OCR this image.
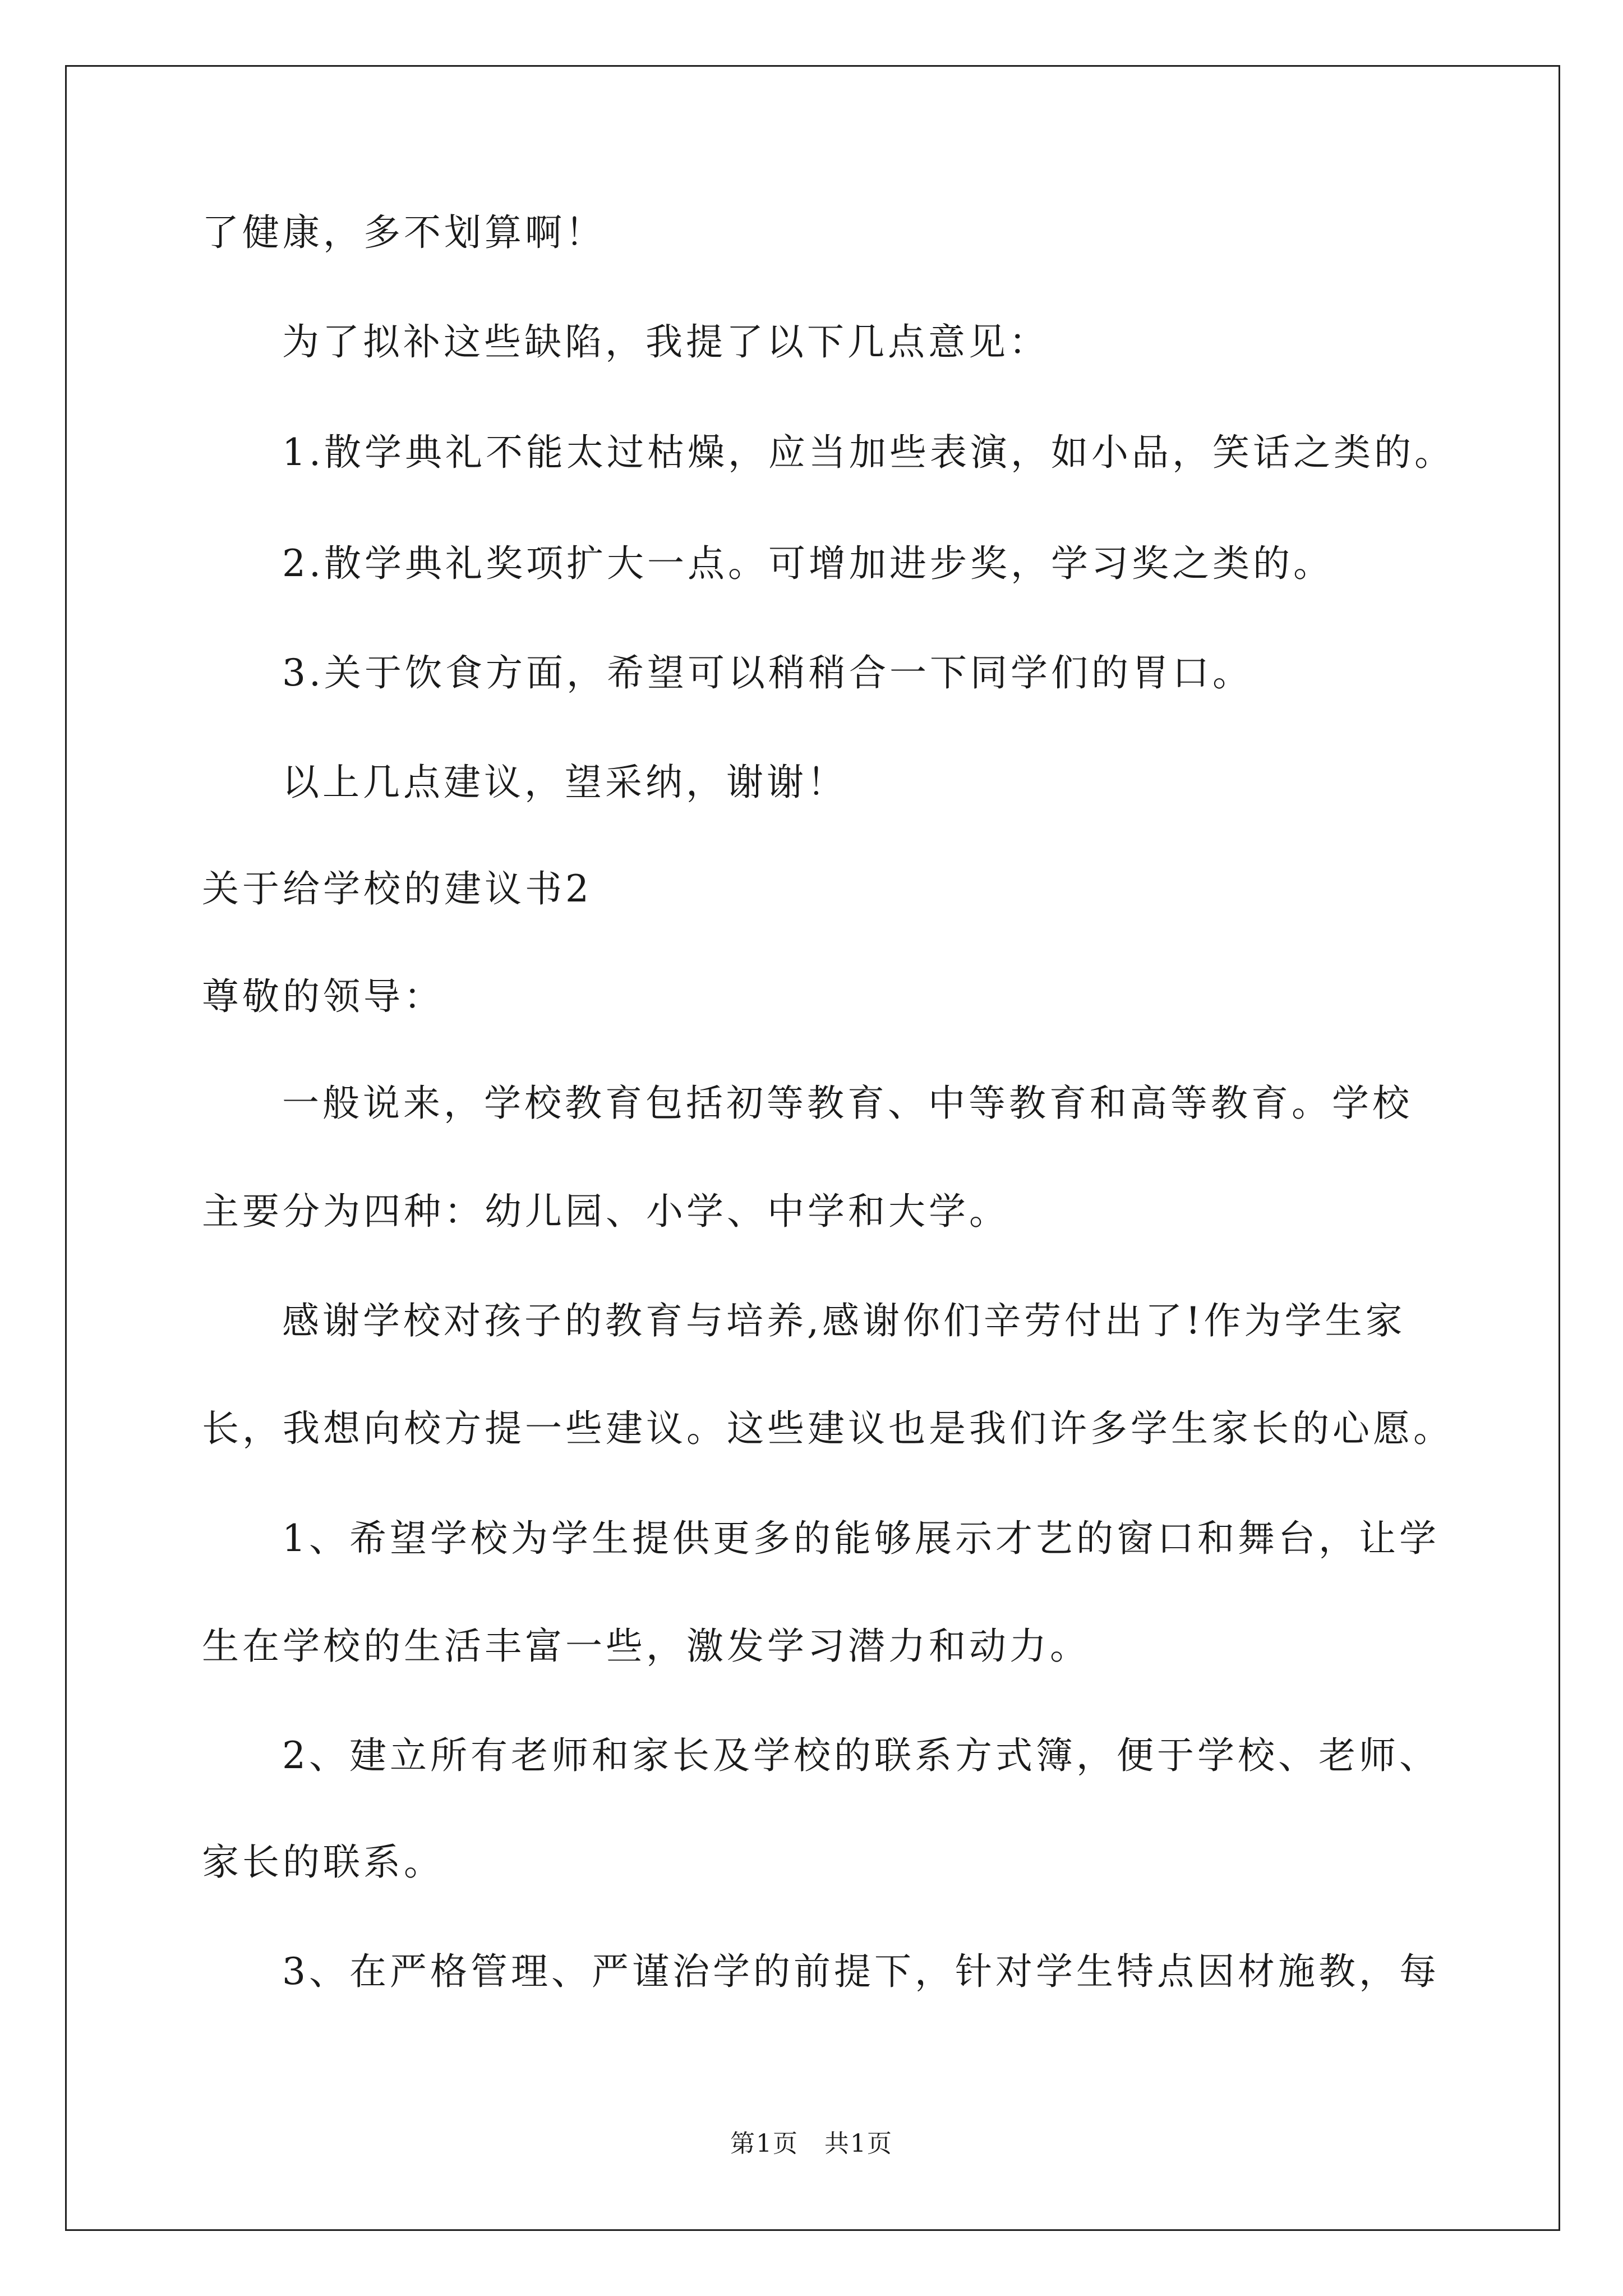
了健康，多不划算啊！
为了拟补这些缺陷，我提了以下几点意见：
1.散学典礼不能太过枯燥，应当加些表演，如小品，笑话之类的。
2.散学典礼奖项扩大一点。可增加进步奖，学习奖之类的。
3.关于饮食方面，希望可以稍稍合一下同学们的胃口。
以上几点建议，望采纳，谢谢！
关于给学校的建议书2
尊敬的领导：
一般说来，学校教育包括初等教育、中等教育和高等教育。学校
主要分为四种：幼儿园、小学、中学和大学。
感谢学校对孩子的教育与培养,感谢你们辛劳付出了!作为学生家
长，我想向校方提一些建议。这些建议也是我们许多学生家长的心愿。
1、希望学校为学生提供更多的能够展示才艺的窗口和舞台，让学
生在学校的生活丰富一些，激发学习潜力和动力。
2、建立所有老师和家长及学校的联系方式簿，便于学校、老师、
家长的联系。
3、在严格管理、严谨治学的前提下，针对学生特点因材施教，每
第1页　共1页
